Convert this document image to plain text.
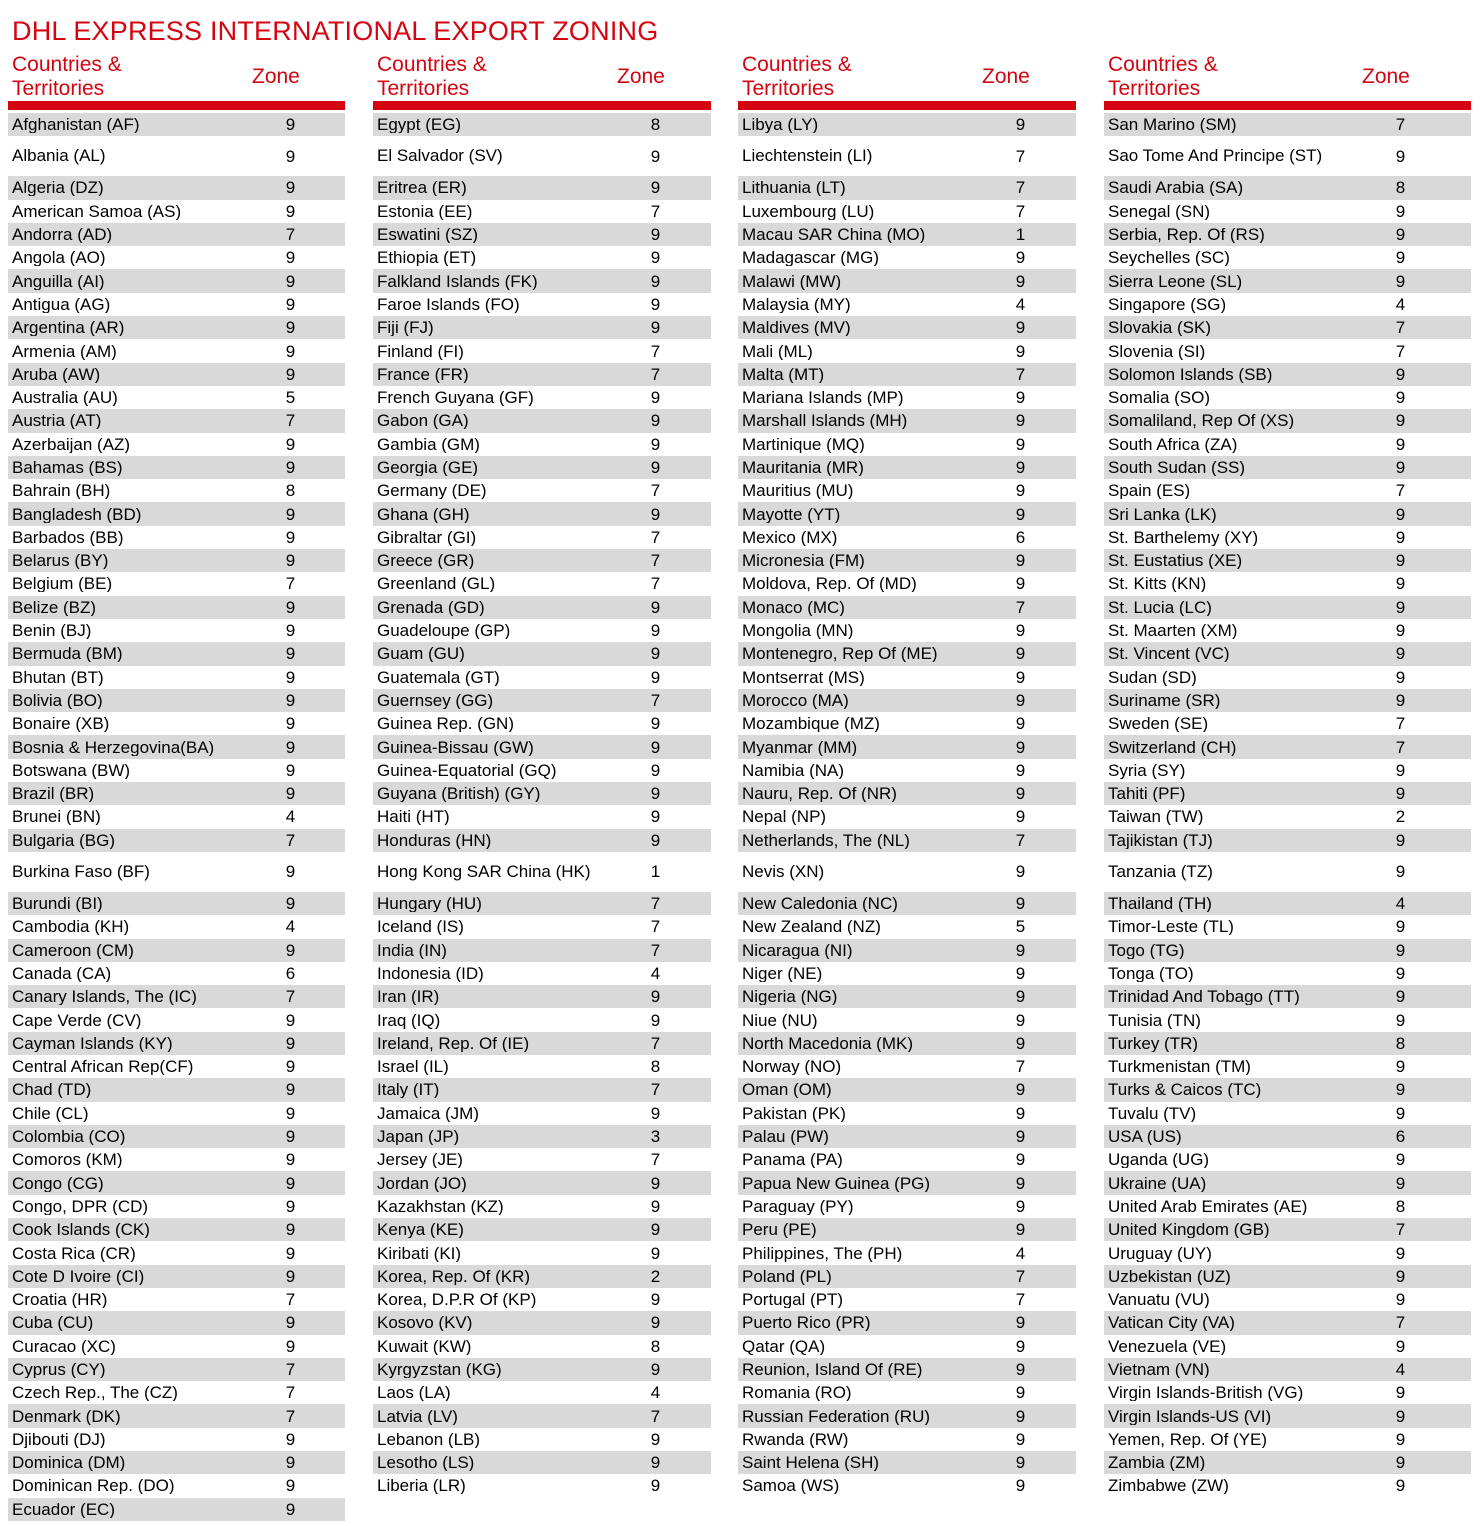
DHL EXPRESS INTERNATIONAL EXPORT ZONING
Countries & Territories
Zone
Afghanistan (AF)	9
Albania (AL)	9
Algeria (DZ)	9
American Samoa (AS)	9
Andorra (AD)	7
Angola (AO)	9
Anguilla (AI)	9
Antigua (AG)	9
Argentina (AR)	9
Armenia (AM)	9
Aruba (AW)	9
Australia (AU)	5
Austria (AT)	7
Azerbaijan (AZ)	9
Bahamas (BS)	9
Bahrain (BH)	8
Bangladesh (BD)	9
Barbados (BB)	9
Belarus (BY)	9
Belgium (BE)	7
Belize (BZ)	9
Benin (BJ)	9
Bermuda (BM)	9
Bhutan (BT)	9
Bolivia (BO)	9
Bonaire (XB)	9
Bosnia & Herzegovina(BA)	9
Botswana (BW)	9
Brazil (BR)	9
Brunei (BN)	4
Bulgaria (BG)	7
Burkina Faso (BF)	9
Burundi (BI)	9
Cambodia (KH)	4
Cameroon (CM)	9
Canada (CA)	6
Canary Islands, The (IC)	7
Cape Verde (CV)	9
Cayman Islands (KY)	9
Central African Rep(CF)	9
Chad (TD)	9
Chile (CL)	9
Colombia (CO)	9
Comoros (KM)	9
Congo (CG)	9
Congo, DPR (CD)	9
Cook Islands (CK)	9
Costa Rica (CR)	9
Cote D Ivoire (CI)	9
Croatia (HR)	7
Cuba (CU)	9
Curacao (XC)	9
Cyprus (CY)	7
Czech Rep., The (CZ)	7
Denmark (DK)	7
Djibouti (DJ)	9
Dominica (DM)	9
Dominican Rep. (DO)	9
Ecuador (EC)	9
Countries & Territories
Zone
Egypt (EG)	8
El Salvador (SV)	9
Eritrea (ER)	9
Estonia (EE)	7
Eswatini (SZ)	9
Ethiopia (ET)	9
Falkland Islands (FK)	9
Faroe Islands (FO)	9
Fiji (FJ)	9
Finland (FI)	7
France (FR)	7
French Guyana (GF)	9
Gabon (GA)	9
Gambia (GM)	9
Georgia (GE)	9
Germany (DE)	7
Ghana (GH)	9
Gibraltar (GI)	7
Greece (GR)	7
Greenland (GL)	7
Grenada (GD)	9
Guadeloupe (GP)	9
Guam (GU)	9
Guatemala (GT)	9
Guernsey (GG)	7
Guinea Rep. (GN)	9
Guinea-Bissau (GW)	9
Guinea-Equatorial (GQ)	9
Guyana (British) (GY)	9
Haiti (HT)	9
Honduras (HN)	9
Hong Kong SAR China (HK)	1
Hungary (HU)	7
Iceland (IS)	7
India (IN)	7
Indonesia (ID)	4
Iran (IR)	9
Iraq (IQ)	9
Ireland, Rep. Of (IE)	7
Israel (IL)	8
Italy (IT)	7
Jamaica (JM)	9
Japan (JP)	3
Jersey (JE)	7
Jordan (JO)	9
Kazakhstan (KZ)	9
Kenya (KE)	9
Kiribati (KI)	9
Korea, Rep. Of (KR)	2
Korea, D.P.R Of (KP)	9
Kosovo (KV)	9
Kuwait (KW)	8
Kyrgyzstan (KG)	9
Laos (LA)	4
Latvia (LV)	7
Lebanon (LB)	9
Lesotho (LS)	9
Liberia (LR)	9
Countries & Territories
Zone
Libya (LY)	9
Liechtenstein (LI)	7
Lithuania (LT)	7
Luxembourg (LU)	7
Macau SAR China (MO)	1
Madagascar (MG)	9
Malawi (MW)	9
Malaysia (MY)	4
Maldives (MV)	9
Mali (ML)	9
Malta (MT)	7
Mariana Islands (MP)	9
Marshall Islands (MH)	9
Martinique (MQ)	9
Mauritania (MR)	9
Mauritius (MU)	9
Mayotte (YT)	9
Mexico (MX)	6
Micronesia (FM)	9
Moldova, Rep. Of (MD)	9
Monaco (MC)	7
Mongolia (MN)	9
Montenegro, Rep Of (ME)	9
Montserrat (MS)	9
Morocco (MA)	9
Mozambique (MZ)	9
Myanmar (MM)	9
Namibia (NA)	9
Nauru, Rep. Of (NR)	9
Nepal (NP)	9
Netherlands, The (NL)	7
Nevis (XN)	9
New Caledonia (NC)	9
New Zealand (NZ)	5
Nicaragua (NI)	9
Niger (NE)	9
Nigeria (NG)	9
Niue (NU)	9
North Macedonia (MK)	9
Norway (NO)	7
Oman (OM)	9
Pakistan (PK)	9
Palau (PW)	9
Panama (PA)	9
Papua New Guinea (PG)	9
Paraguay (PY)	9
Peru (PE)	9
Philippines, The (PH)	4
Poland (PL)	7
Portugal (PT)	7
Puerto Rico (PR)	9
Qatar (QA)	9
Reunion, Island Of (RE)	9
Romania (RO)	9
Russian Federation (RU)	9
Rwanda (RW)	9
Saint Helena (SH)	9
Samoa (WS)	9
Countries & Territories
Zone
San Marino (SM)	7
Sao Tome And Principe (ST)	9
Saudi Arabia (SA)	8
Senegal (SN)	9
Serbia, Rep. Of (RS)	9
Seychelles (SC)	9
Sierra Leone (SL)	9
Singapore (SG)	4
Slovakia (SK)	7
Slovenia (SI)	7
Solomon Islands (SB)	9
Somalia (SO)	9
Somaliland, Rep Of (XS)	9
South Africa (ZA)	9
South Sudan (SS)	9
Spain (ES)	7
Sri Lanka (LK)	9
St. Barthelemy (XY)	9
St. Eustatius (XE)	9
St. Kitts (KN)	9
St. Lucia (LC)	9
St. Maarten (XM)	9
St. Vincent (VC)	9
Sudan (SD)	9
Suriname (SR)	9
Sweden (SE)	7
Switzerland (CH)	7
Syria (SY)	9
Tahiti (PF)	9
Taiwan (TW)	2
Tajikistan (TJ)	9
Tanzania (TZ)	9
Thailand (TH)	4
Timor-Leste (TL)	9
Togo (TG)	9
Tonga (TO)	9
Trinidad And Tobago (TT)	9
Tunisia (TN)	9
Turkey (TR)	8
Turkmenistan (TM)	9
Turks & Caicos (TC)	9
Tuvalu (TV)	9
USA (US)	6
Uganda (UG)	9
Ukraine (UA)	9
United Arab Emirates (AE)	8
United Kingdom (GB)	7
Uruguay (UY)	9
Uzbekistan (UZ)	9
Vanuatu (VU)	9
Vatican City (VA)	7
Venezuela (VE)	9
Vietnam (VN)	4
Virgin Islands-British (VG)	9
Virgin Islands-US (VI)	9
Yemen, Rep. Of (YE)	9
Zambia (ZM)	9
Zimbabwe (ZW)	9
